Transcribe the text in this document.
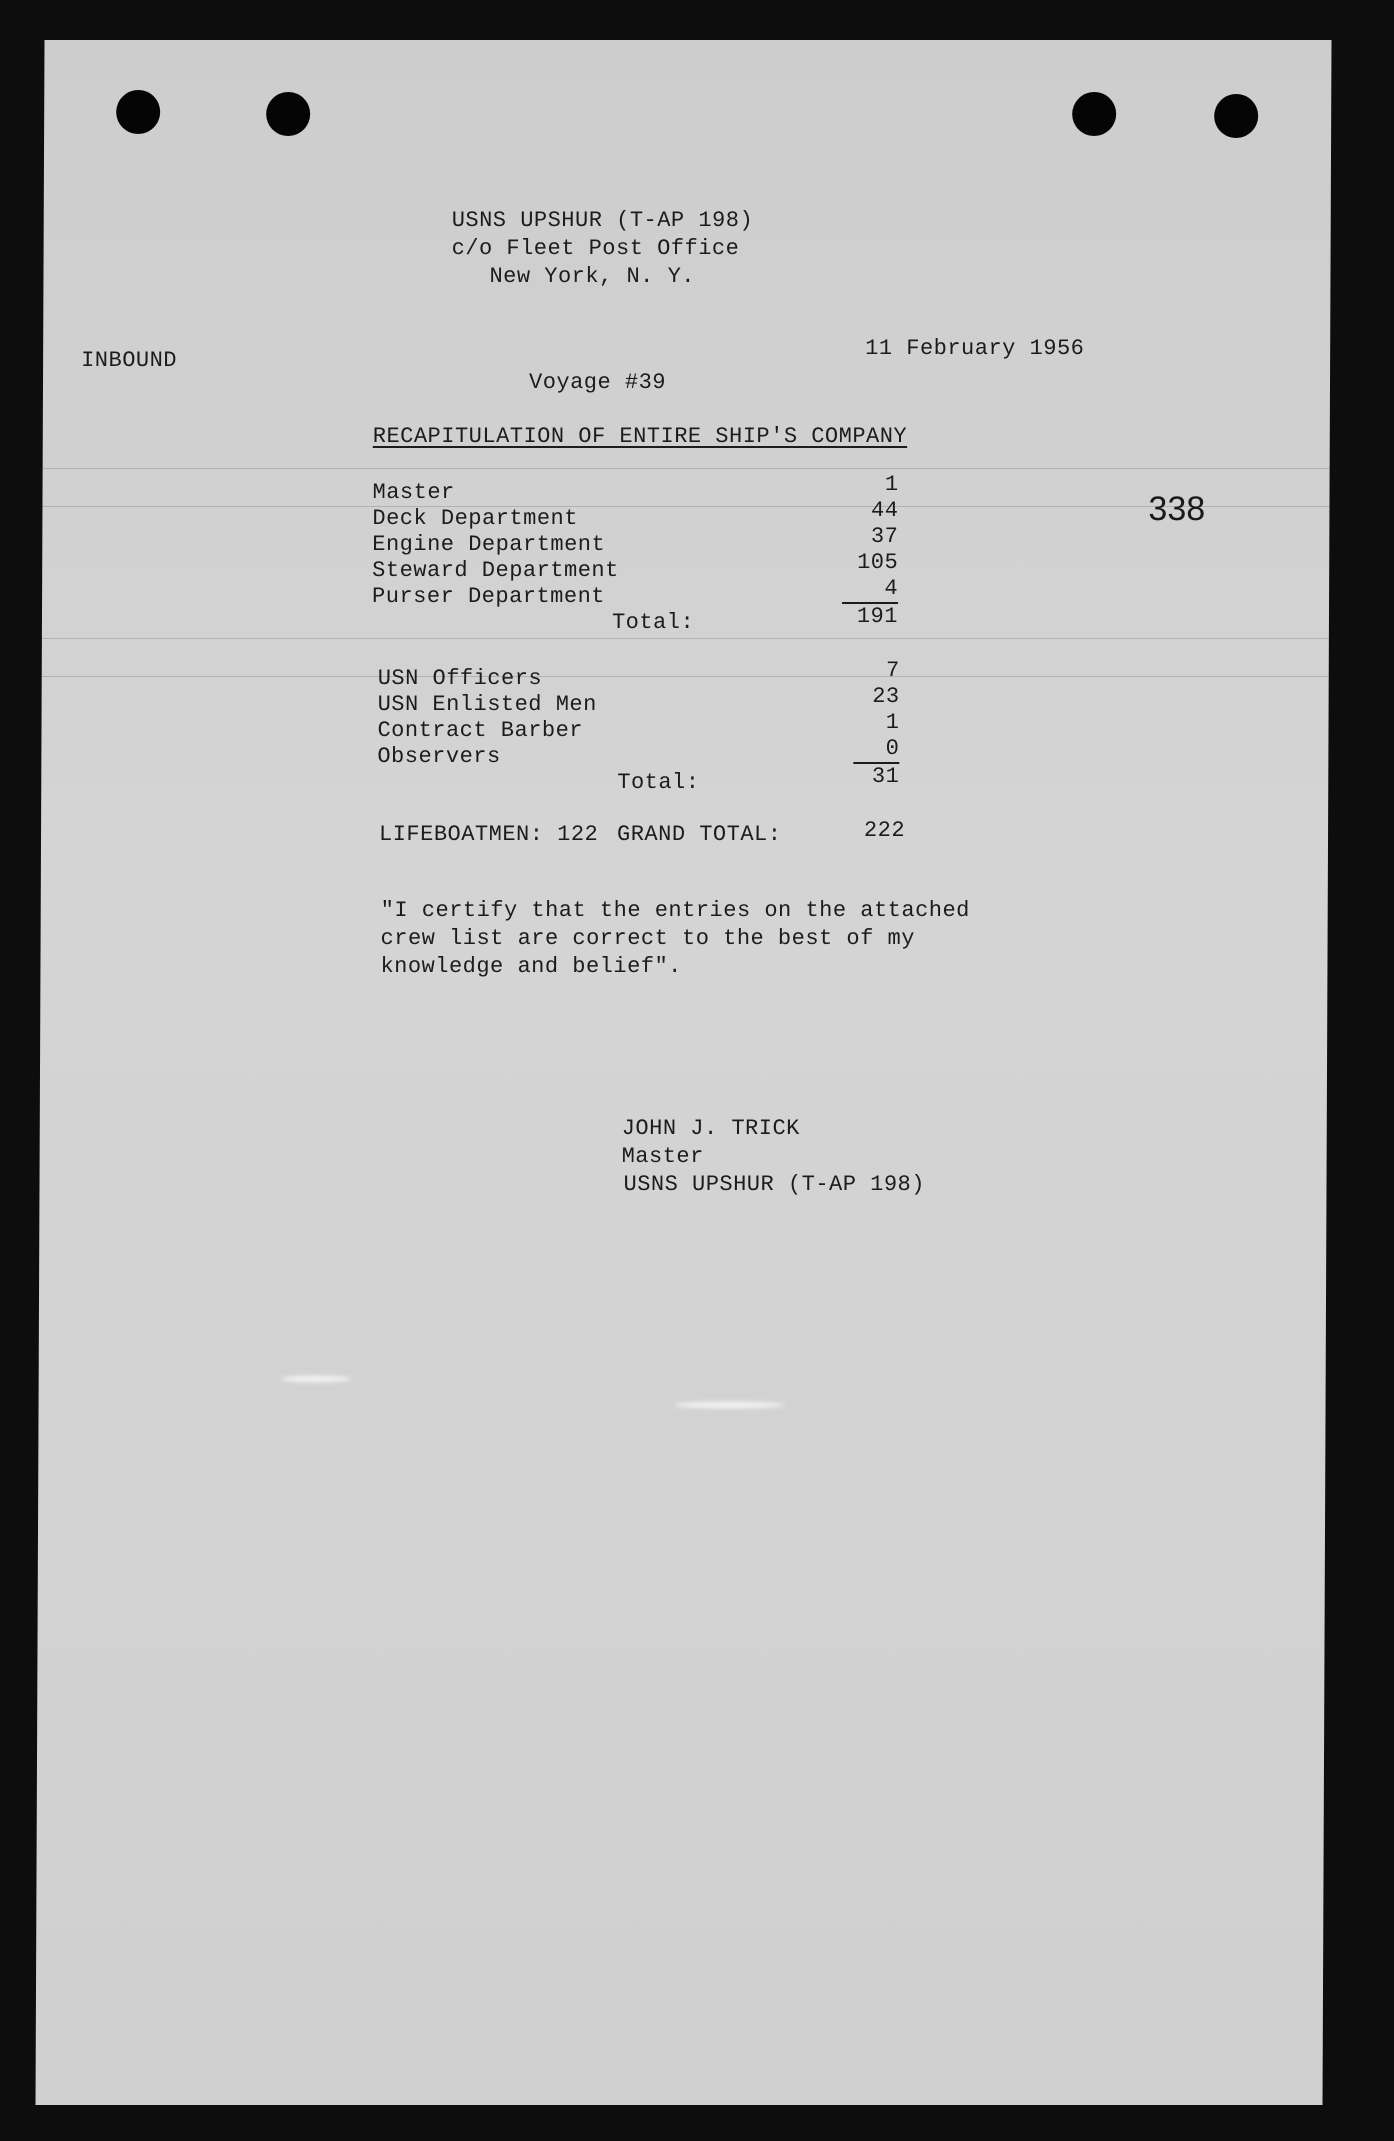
USNS UPSHUR (T-AP 198)
c/o Fleet Post Office
New York, N. Y.
INBOUND	11 February 1956
Voyage #39
338
RECAPITULATION OF ENTIRE SHIP'S COMPANY
Master	1
Deck Department	44
Engine Department	37
Steward Department	105
Purser Department	4
Total:	191
USN Officers	7
USN Enlisted Men	23
Contract Barber	1
Observers	0
Total:	31
LIFEBOATMEN: 122 GRAND TOTAL:	222
"I certify that the entries on the attached
crew list are correct to the best of my
knowledge and belief".
JOHN J. TRICK
Master
USNS UPSHUR (T-AP 198)
